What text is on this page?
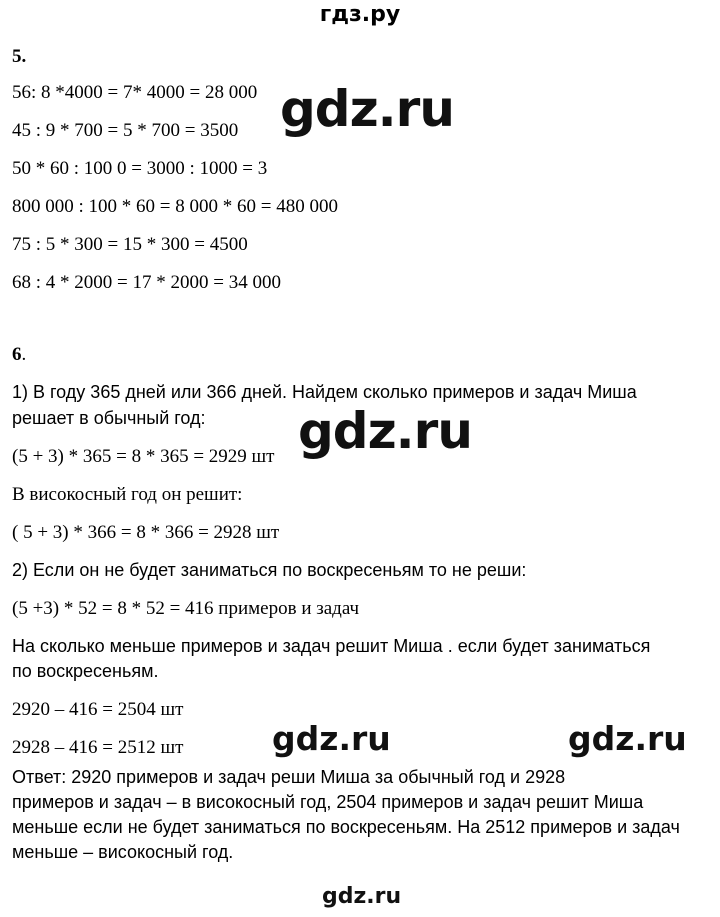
гдз.ру
5.
56: 8 *4000 = 7* 4000 = 28 000
45 : 9 * 700 = 5 * 700 = 3500
50 * 60 : 100 0 = 3000 : 1000 = 3
800 000 : 100 * 60 = 8 000 * 60 = 480 000
75 : 5 * 300 = 15 * 300 = 4500
68 : 4 * 2000 = 17 * 2000 = 34 000
6.
1) В году 365 дней или 366 дней. Найдем сколько примеров и задач Миша
решает в обычный год:
(5 + 3) * 365 = 8 * 365 = 2929 шт
В високосный год он решит:
( 5 + 3) * 366 = 8 * 366 = 2928 шт
2) Если он не будет заниматься по воскресеньям то не реши:
(5 +3) * 52 = 8 * 52 = 416 примеров и задач
На сколько меньше примеров и задач решит Миша . если будет заниматься
по воскресеньям.
2920 – 416 = 2504 шт
2928 – 416 = 2512 шт
Ответ: 2920 примеров и задач реши Миша за обычный год и 2928
примеров и задач – в високосный год, 2504 примеров и задач решит Миша
меньше если не будет заниматься по воскресеньям. На 2512 примеров и задач
меньше – високосный год.
gdz.ru
gdz.ru
gdz.ru	gdz.ru
gdz.ru
